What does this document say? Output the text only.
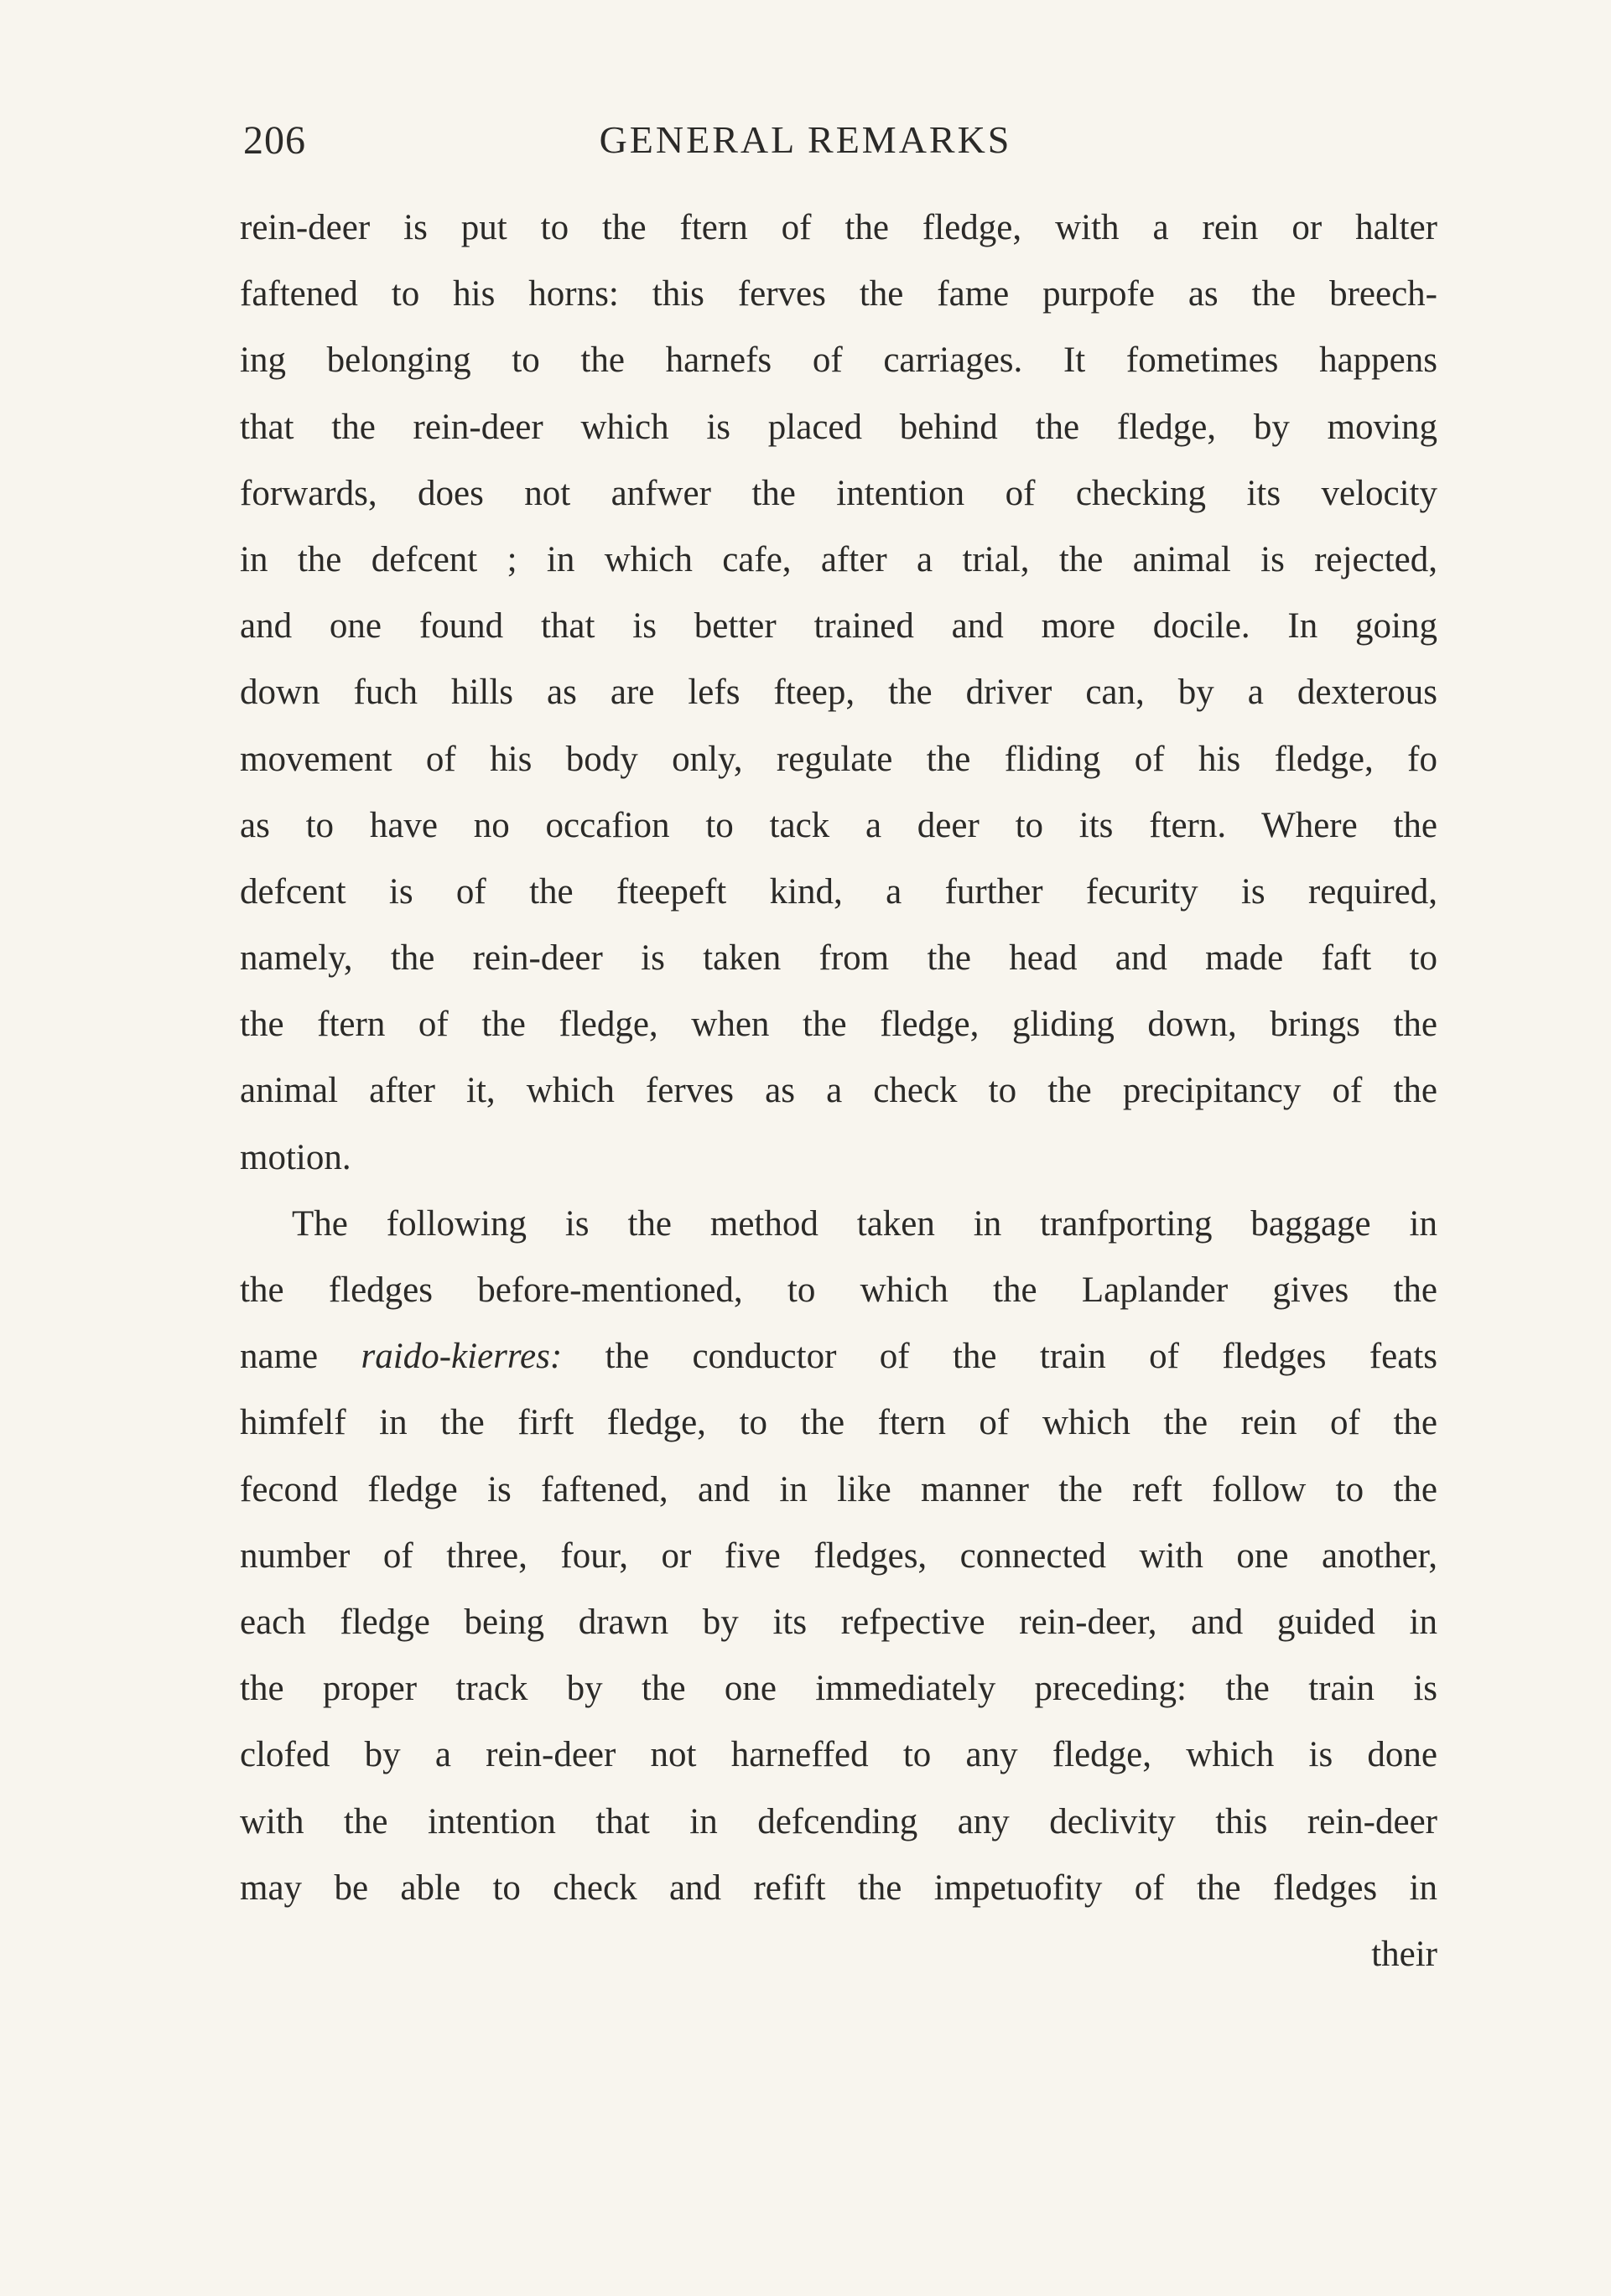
206	GENERAL REMARKS
rein-deer is put to the ftern of the fledge, with a rein or halter
faftened to his horns: this ferves the fame purpofe as the breech-
ing belonging to the harnefs of carriages. It fometimes happens
that the rein-deer which is placed behind the fledge, by moving
forwards, does not anfwer the intention of checking its velocity
in the defcent ; in which cafe, after a trial, the animal is rejected,
and one found that is better trained and more docile. In going
down fuch hills as are lefs fteep, the driver can, by a dexterous
movement of his body only, regulate the fliding of his fledge, fo
as to have no occafion to tack a deer to its ftern. Where the
defcent is of the fteepeft kind, a further fecurity is required,
namely, the rein-deer is taken from the head and made faft to
the ftern of the fledge, when the fledge, gliding down, brings the
animal after it, which ferves as a check to the precipitancy of the
motion.
The following is the method taken in tranfporting baggage in
the fledges before-mentioned, to which the Laplander gives the
name raido-kierres: the conductor of the train of fledges feats
himfelf in the firft fledge, to the ftern of which the rein of the
fecond fledge is faftened, and in like manner the reft follow to the
number of three, four, or five fledges, connected with one another,
each fledge being drawn by its refpective rein-deer, and guided in
the proper track by the one immediately preceding: the train is
clofed by a rein-deer not harneffed to any fledge, which is done
with the intention that in defcending any declivity this rein-deer
may be able to check and refift the impetuofity of the fledges in
their
